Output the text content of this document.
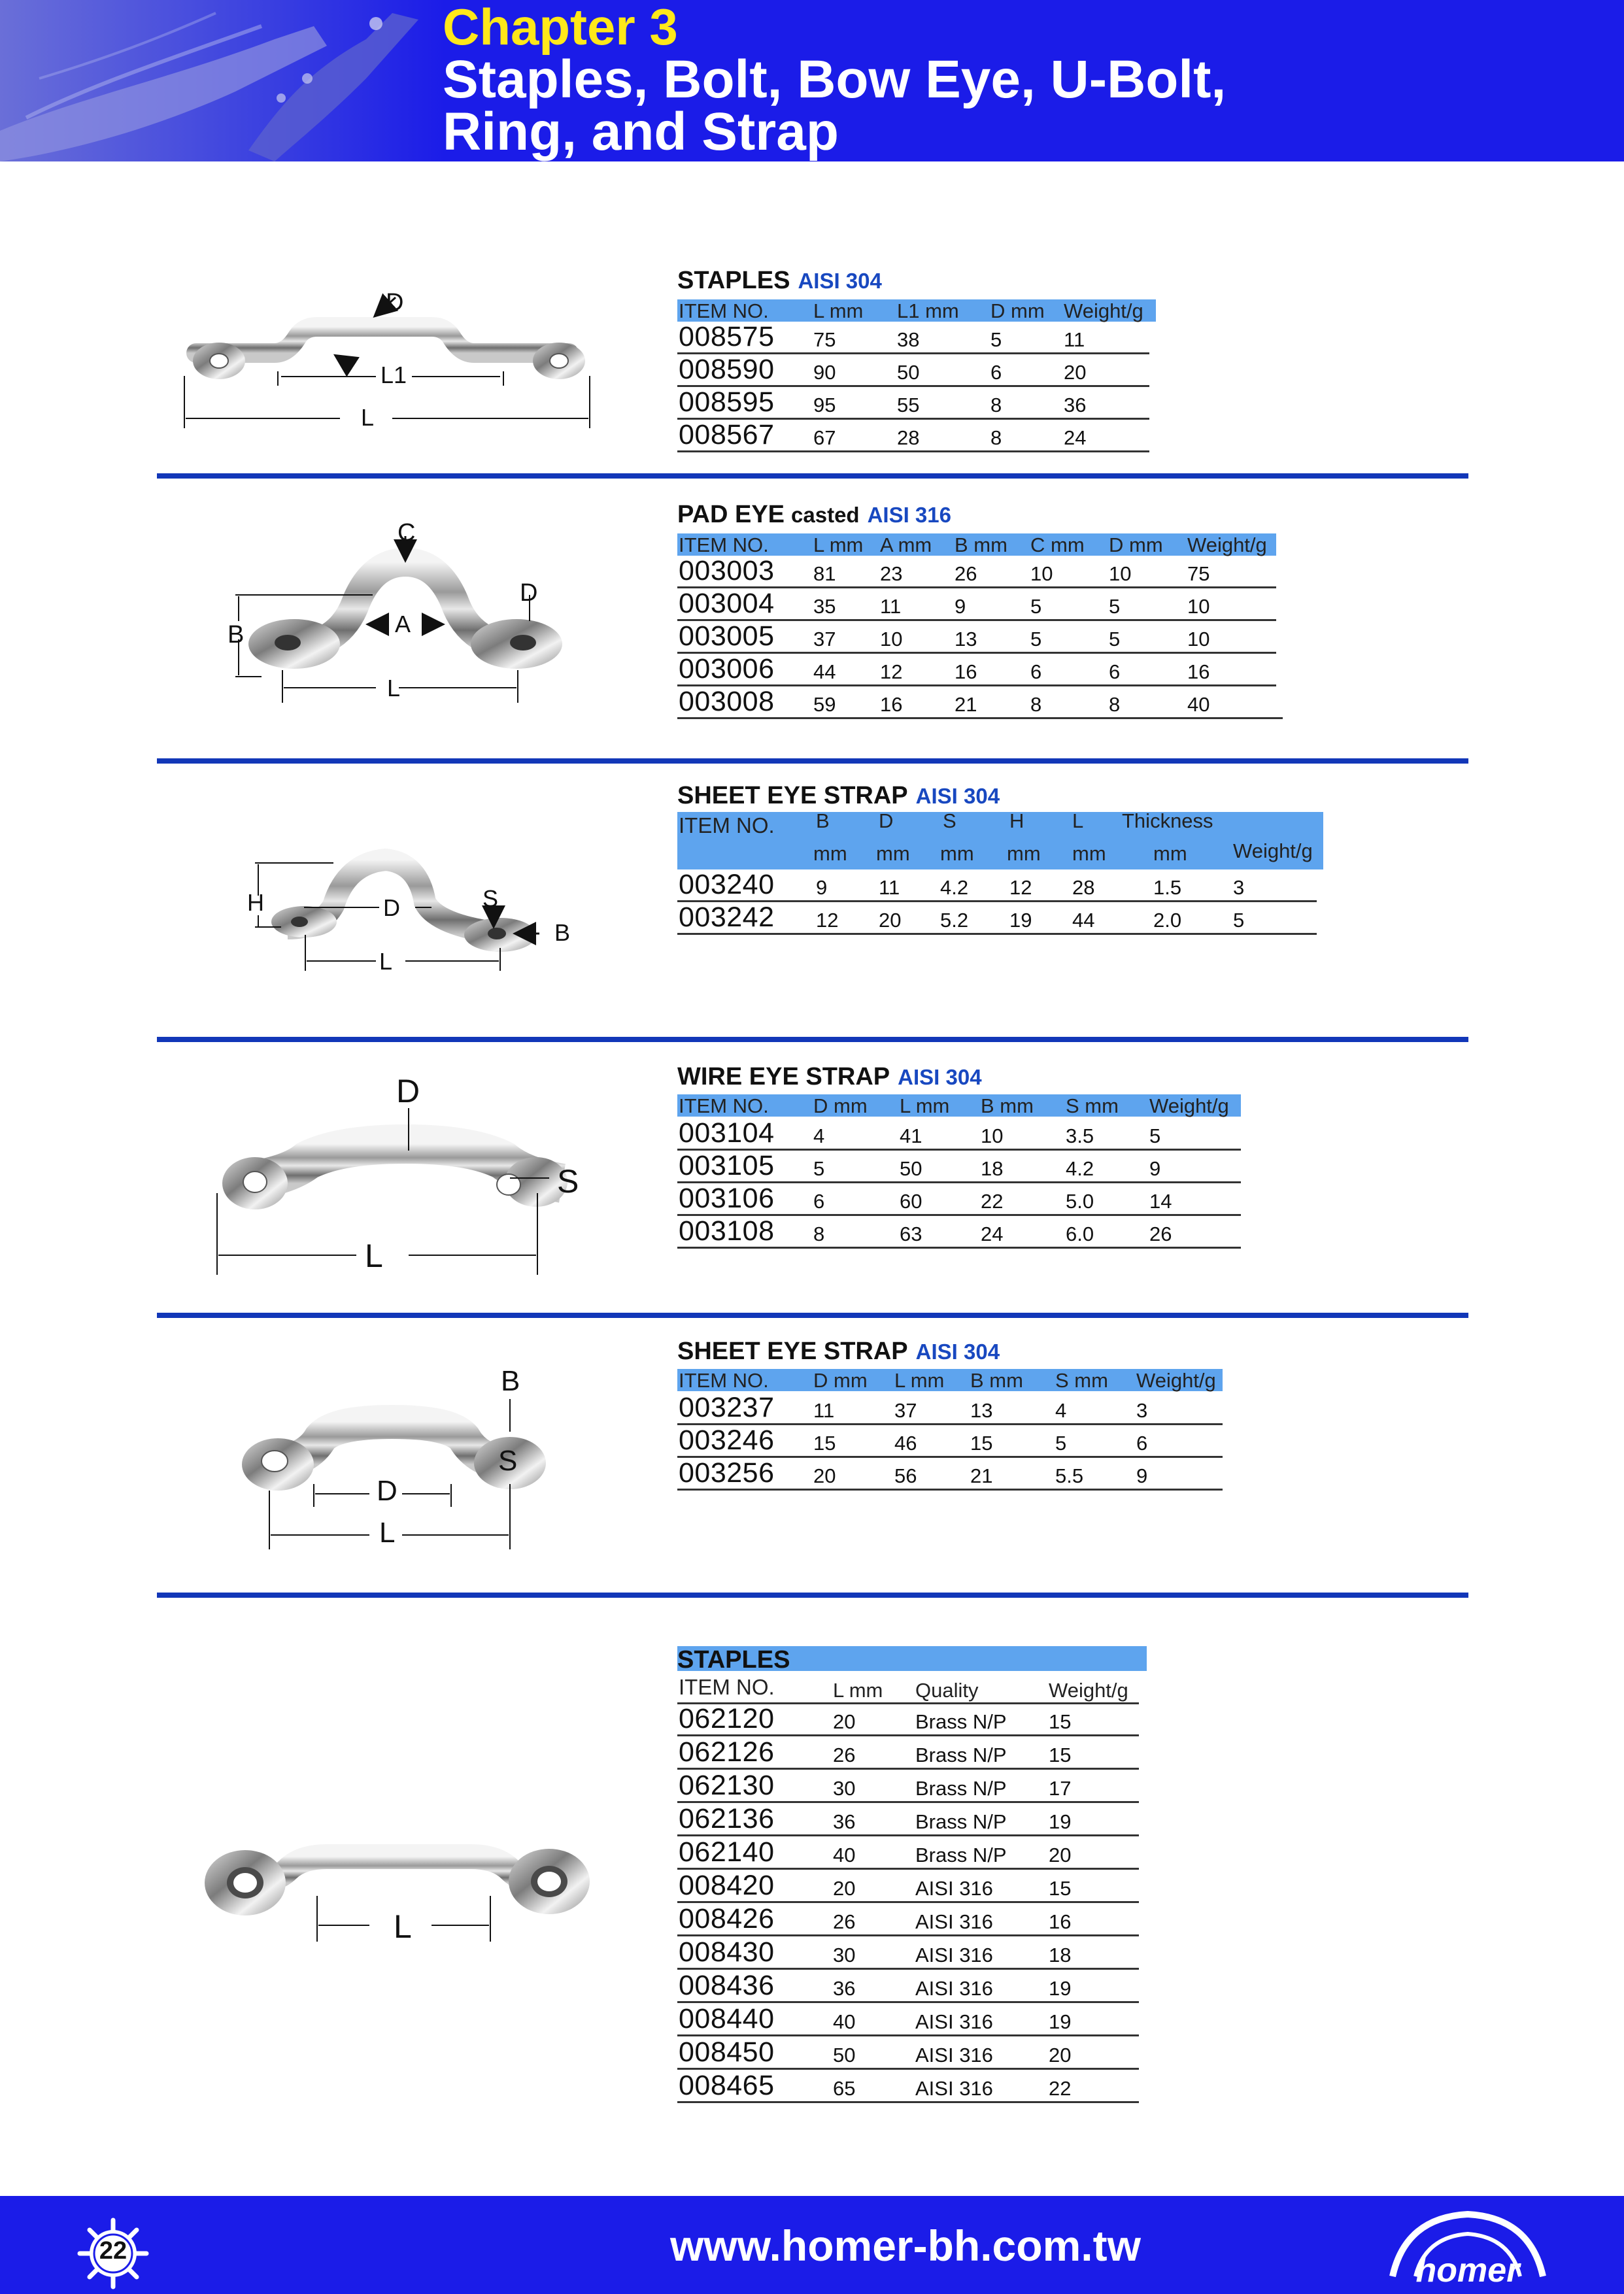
Chapter 3
Staples, Bolt, Bow Eye, U-Bolt,
Ring, and Strap
D
L1
L
STAPLES AISI 304
ITEM NO. L mm L1 mm D mm Weight/g
008575 75	38	5	11
008590 90	50	6	20
008595 95	55	8	36
008567 67	28	8	24
C
D
B	A
L
PAD EYE casted AISI 316
ITEM NO. L mm A mm B mm C mm D mm Weight/g
003003 81 23	26	10	10	75
003004 35 11	9	5	5	10
003005 37 10	13	5	5	10
003006 44 12	16	6	6	16
003008 59 16	21	8	8	40
H	D	S
B
L
SHEET EYE STRAP AISI 304
ITEM NO. B D S	H L Thickness
mm mm mm mm mm mm Weight/g
003240 9	11 4.2 12 28	1.5	3
003242 12 20 5.2 19 44	2.0	5
D
S
L
WIRE EYE STRAP AISI 304
ITEM NO. D mm L mm B mm S mm Weight/g
003104 4	41	10	3.5	5
003105 5	50	18	4.2	9
003106 6	60	22	5.0	14
003108 8	63	24	6.0	26
B
S
D
L
SHEET EYE STRAP AISI 304
ITEM NO. D mm L mm B mm S mm Weight/g
003237 11	37	13	4	3
003246 15	46	15	5	6
003256 20	56	21	5.5	9
L
STAPLES
ITEM NO.	L mm Quality	Weight/g
062120	20	Brass N/P 15
062126	26	Brass N/P 15
062130	30	Brass N/P 17
062136	36	Brass N/P 19
062140	40	Brass N/P 20
008420	20	AISI 316	15
008426	26	AISI 316	16
008430	30	AISI 316	18
008436	36	AISI 316	19
008440	40	AISI 316	19
008450	50	AISI 316	20
008465	65	AISI 316	22
www.homer-bh.com.tw
22
homer
